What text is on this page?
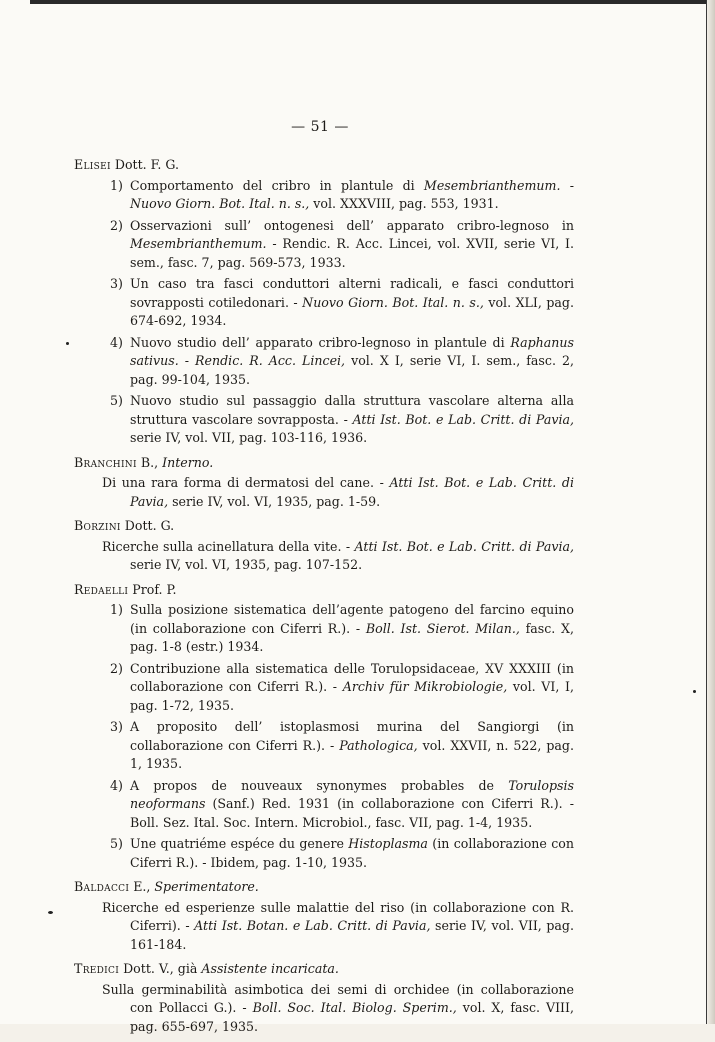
— 51 —
Elisei Dott. F. G.
1) Comportamento del cribro in plantule di Mesembrianthemum. - Nuovo Giorn. Bot. Ital. n. s., vol. XXXVIII, pag. 553, 1931.
2) Osservazioni sull’ ontogenesi dell’ apparato cribro-legnoso in Mesembrianthemum. - Rendic. R. Acc. Lincei, vol. XVII, serie VI, I. sem., fasc. 7, pag. 569-573, 1933.
3) Un caso tra fasci conduttori alterni radicali, e fasci conduttori sovrapposti cotiledonari. - Nuovo Giorn. Bot. Ital. n. s., vol. XLI, pag. 674-692, 1934.
4) Nuovo studio dell’ apparato cribro-legnoso in plantule di Raphanus sativus. - Rendic. R. Acc. Lincei, vol. X I, serie VI, I. sem., fasc. 2, pag. 99-104, 1935.
5) Nuovo studio sul passaggio dalla struttura vascolare alterna alla struttura vascolare sovrapposta. - Atti Ist. Bot. e Lab. Critt. di Pavia, serie IV, vol. VII, pag. 103-116, 1936.
Branchini B., Interno.
Di una rara forma di dermatosi del cane. - Atti Ist. Bot. e Lab. Critt. di Pavia, serie IV, vol. VI, 1935, pag. 1-59.
Borzini Dott. G.
Ricerche sulla acinellatura della vite. - Atti Ist. Bot. e Lab. Critt. di Pavia, serie IV, vol. VI, 1935, pag. 107-152.
Redaelli Prof. P.
1) Sulla posizione sistematica dell’agente patogeno del farcino equino (in collaborazione con Ciferri R.). - Boll. Ist. Sierot. Milan., fasc. X, pag. 1-8 (estr.) 1934.
2) Contribuzione alla sistematica delle Torulopsidaceae, XV XXXIII (in collaborazione con Ciferri R.). - Archiv für Mikrobiologie, vol. VI, I, pag. 1-72, 1935.
3) A proposito dell’ istoplasmosi murina del Sangiorgi (in collaborazione con Ciferri R.). - Pathologica, vol. XXVII, n. 522, pag. 1, 1935.
4) A propos de nouveaux synonymes probables de Torulopsis neoformans (Sanf.) Red. 1931 (in collaborazione con Ciferri R.). - Boll. Sez. Ital. Soc. Intern. Microbiol., fasc. VII, pag. 1-4, 1935.
5) Une quatriéme espéce du genere Histoplasma (in collaborazione con Ciferri R.). - Ibidem, pag. 1-10, 1935.
Baldacci E., Sperimentatore.
Ricerche ed esperienze sulle malattie del riso (in collaborazione con R. Ciferri). - Atti Ist. Botan. e Lab. Critt. di Pavia, serie IV, vol. VII, pag. 161-184.
Tredici Dott. V., già Assistente incaricata.
Sulla germinabilità asimbotica dei semi di orchidee (in collaborazione con Pollacci G.). - Boll. Soc. Ital. Biolog. Sperim., vol. X, fasc. VIII, pag. 655-697, 1935.
